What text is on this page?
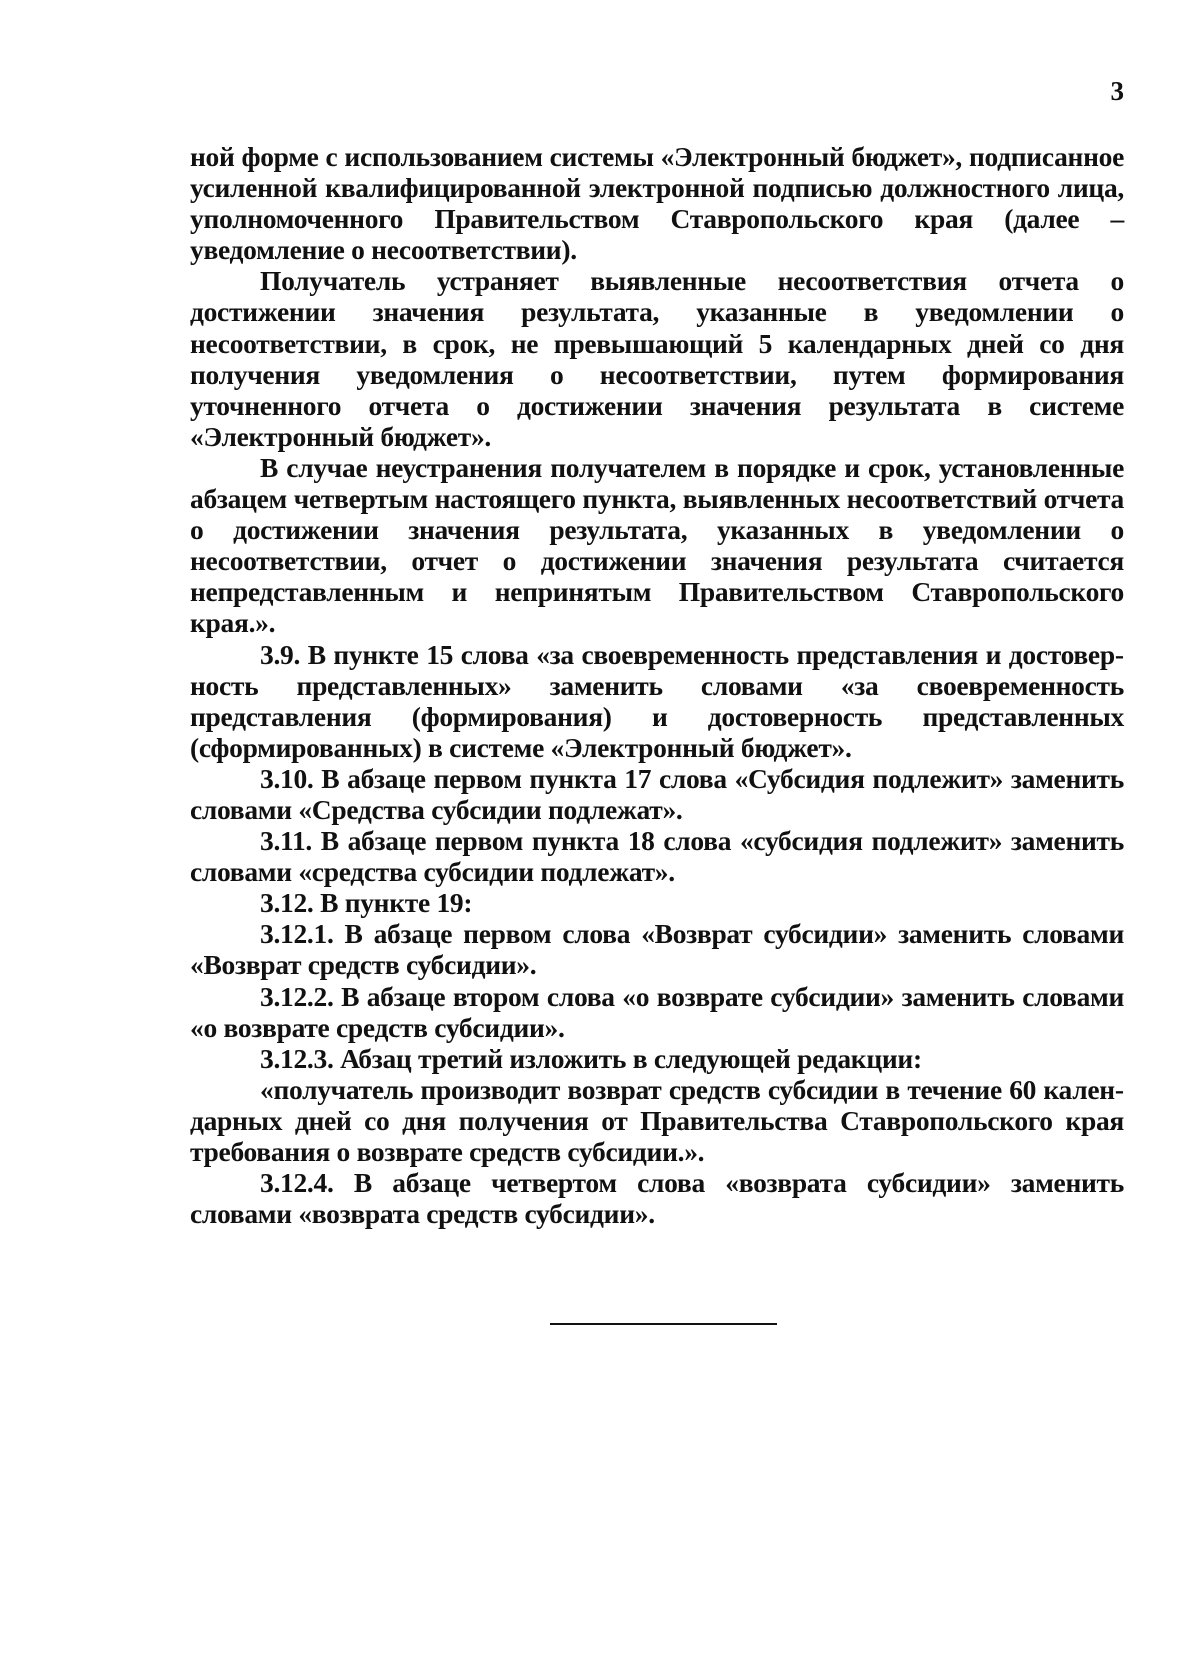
3

ной форме с использованием системы «Электронный бюджет», подписанное усиленной квалифицированной электронной подписью должностного лица, уполномоченного Правительством Ставропольского края (далее – уведомление о несоответствии).

Получатель устраняет выявленные несоответствия отчета о достижении значения результата, указанные в уведомлении о несоответствии, в срок, не превышающий 5 календарных дней со дня получения уведомления о несоответствии, путем формирования уточненного отчета о достижении значения результата в системе «Электронный бюджет».

В случае неустранения получателем в порядке и срок, установленные абзацем четвертым настоящего пункта, выявленных несоответствий отчета о достижении значения результата, указанных в уведомлении о несоответствии, отчет о достижении значения результата считается непредставленным и непринятым Правительством Ставропольского края.».

3.9. В пункте 15 слова «за своевременность представления и достоверность представленных» заменить словами «за своевременность представления (формирования) и достоверность представленных (сформированных) в системе «Электронный бюджет».

3.10. В абзаце первом пункта 17 слова «Субсидия подлежит» заменить словами «Средства субсидии подлежат».

3.11. В абзаце первом пункта 18 слова «субсидия подлежит» заменить словами «средства субсидии подлежат».

3.12. В пункте 19:

3.12.1. В абзаце первом слова «Возврат субсидии» заменить словами «Возврат средств субсидии».

3.12.2. В абзаце втором слова «о возврате субсидии» заменить словами «о возврате средств субсидии».

3.12.3. Абзац третий изложить в следующей редакции:

«получатель производит возврат средств субсидии в течение 60 календарных дней со дня получения от Правительства Ставропольского края требования о возврате средств субсидии.».

3.12.4. В абзаце четвертом слова «возврата субсидии» заменить словами «возврата средств субсидии».
